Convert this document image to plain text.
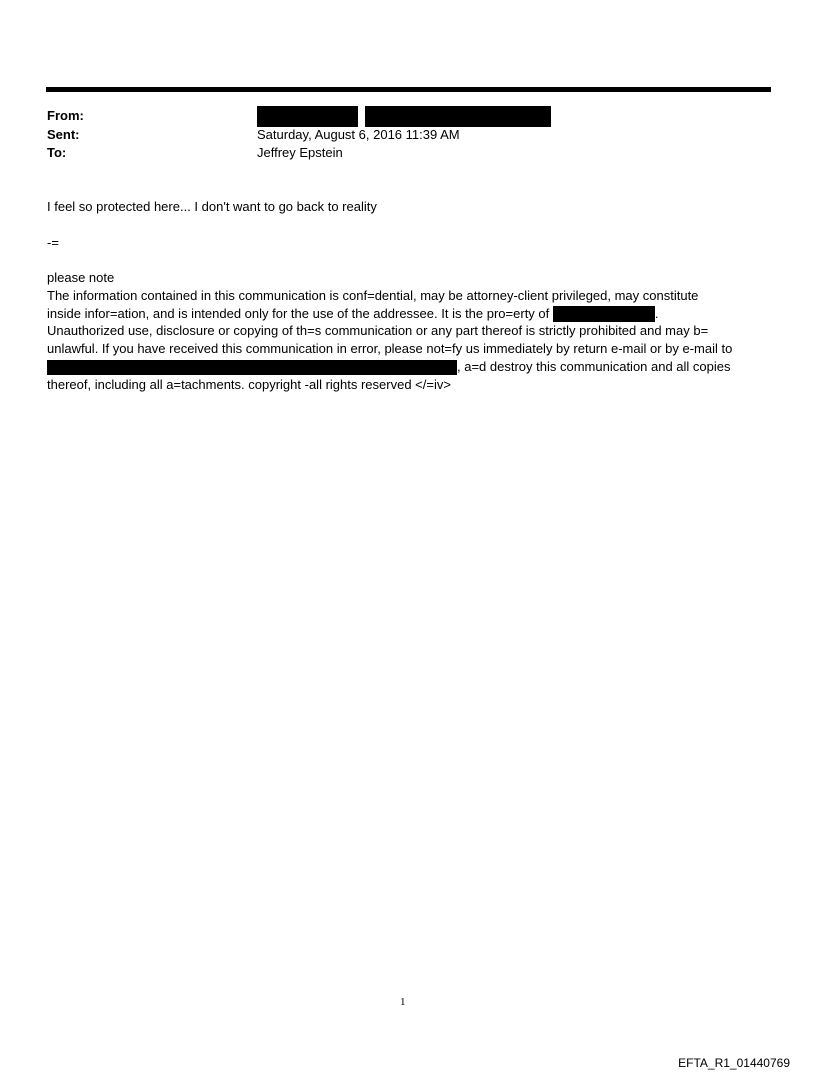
From:

Sent:	Saturday, August 6, 2016 11:39 AM
To:	Jeffrey Epstein
I feel so protected here... I don't want to go back to reality
-=
please note
The information contained in this communication is conf=dential, may be attorney-client privileged, may constitute
inside infor=ation, and is intended only for the use of the addressee. It is the pro=erty of	.
Unauthorized use, disclosure or copying of th=s communication or any part thereof is strictly prohibited and may b=
unlawful. If you have received this communication in error, please not=fy us immediately by return e-mail or by e-mail to
, a=d destroy this communication and all copies
thereof, including all a=tachments. copyright -all rights reserved </=iv>
1
EFTA_R1_01440769
